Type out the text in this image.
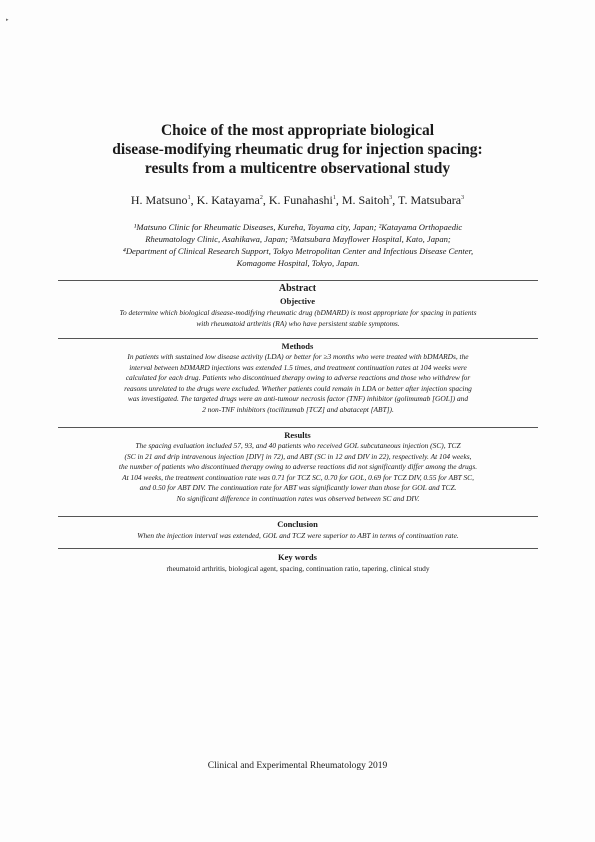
▸
Choice of the most appropriate biological
disease-modifying rheumatic drug for injection spacing:
results from a multicentre observational study
H. Matsuno$^1$, K. Katayama$^2$, K. Funahashi$^1$, M. Saitoh$^3$, T. Matsubara$^3$
¹Matsuno Clinic for Rheumatic Diseases, Kureha, Toyama city, Japan; ²Katayama Orthopaedic
Rheumatology Clinic, Asahikawa, Japan; ³Matsubara Mayflower Hospital, Kato, Japan;
⁴Department of Clinical Research Support, Tokyo Metropolitan Center and Infectious Disease Center,
Komagome Hospital, Tokyo, Japan.
Abstract
Objective
To determine which biological disease-modifying rheumatic drug (bDMARD) is most appropriate for spacing in patients
with rheumatoid arthritis (RA) who have persistent stable symptoms.
Methods
In patients with sustained low disease activity (LDA) or better for ≥3 months who were treated with bDMARDs, the
interval between bDMARD injections was extended 1.5 times, and treatment continuation rates at 104 weeks were
calculated for each drug. Patients who discontinued therapy owing to adverse reactions and those who withdrew for
reasons unrelated to the drugs were excluded. Whether patients could remain in LDA or better after injection spacing
was investigated. The targeted drugs were an anti-tumour necrosis factor (TNF) inhibitor (golimumab [GOL]) and
2 non-TNF inhibitors (tocilizumab [TCZ] and abatacept [ABT]).
Results
The spacing evaluation included 57, 93, and 40 patients who received GOL subcutaneous injection (SC), TCZ
(SC in 21 and drip intravenous injection [DIV] in 72), and ABT (SC in 12 and DIV in 22), respectively. At 104 weeks,
the number of patients who discontinued therapy owing to adverse reactions did not significantly differ among the drugs.
At 104 weeks, the treatment continuation rate was 0.71 for TCZ SC, 0.70 for GOL, 0.69 for TCZ DIV, 0.55 for ABT SC,
and 0.50 for ABT DIV. The continuation rate for ABT was significantly lower than those for GOL and TCZ.
No significant difference in continuation rates was observed between SC and DIV.
Conclusion
When the injection interval was extended, GOL and TCZ were superior to ABT in terms of continuation rate.
Key words
rheumatoid arthritis, biological agent, spacing, continuation ratio, tapering, clinical study
Clinical and Experimental Rheumatology 2019
